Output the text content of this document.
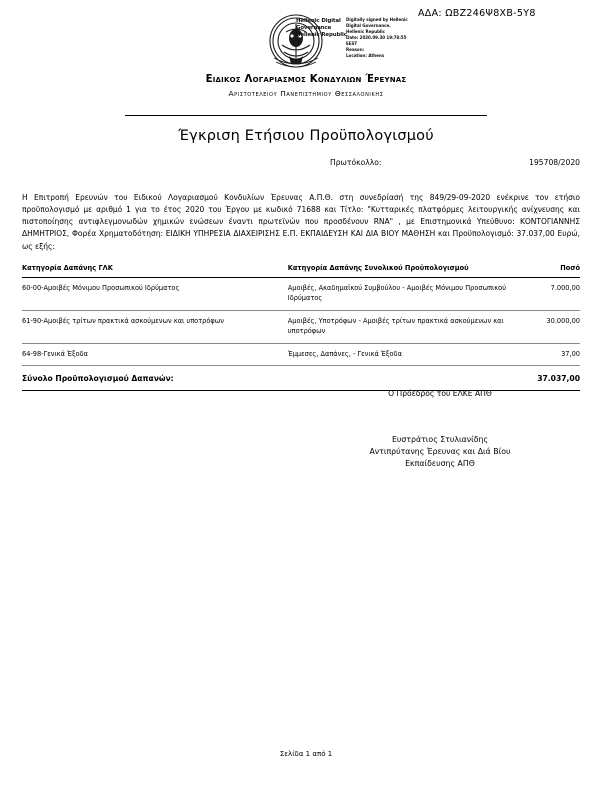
ΑΔΑ: ΩΒΖ246Ψ8ΧΒ-5Υ8
Hellenic Digital
Governance
Hellenic Republic
Digitally signed by Hellenic
Digital Governance,
Hellenic Republic
Date: 2020.09.30 19:78:55
EEST
Reason:
Location: Athens
Ειδικός Λογαριασμός Κονδυλίων Έρευνας
Αριστοτελείου Πανεπιστημίου Θεσσαλονίκης
Έγκριση Ετήσιου Προϋπολογισμού
Πρωτόκολλο:	195708/2020
Η Επιτροπή Ερευνών του Ειδικού Λογαριασμού Κονδυλίων Έρευνας Α.Π.Θ. στη συνεδρίασή της 849/29-09-2020 ενέκρινε τον ετήσιο προϋπολογισμό με αριθμό 1 για το έτος 2020 του Έργου με κωδικό 71688 και Τίτλο: "Κυτταρικές πλατφόρμες λειτουργικής ανίχνευσης και πιστοποίησης αντιφλεγμονωδών χημικών ενώσεων έναντι πρωτεϊνών που προσδένουν RNA" , με Επιστημονικά Υπεύθυνο: ΚΟΝΤΟΓΙΑΝΝΗΣ ΔΗΜΗΤΡΙΟΣ, Φορέα Χρηματοδότηση: ΕΙΔΙΚΗ ΥΠΗΡΕΣΙΑ ΔΙΑΧΕΙΡΙΣΗΣ Ε.Π. ΕΚΠΑΙΔΕΥΣΗ ΚΑΙ ΔΙΑ ΒΙΟΥ ΜΑΘΗΣΗ και Προϋπολογισμό: 37.037,00 Ευρώ, ως εξής:
Κατηγορία Δαπάνης ΓΛΚ	Κατηγορία Δαπάνης Συνολικού Προϋπολογισμού	Ποσό
60-00-Αμοιβές Μόνιμου Προσωπικού Ιδρύματος	Αμοιβές, Ακαδημαϊκού Συμβούλου - Αμοιβές Μόνιμου Προσωπικού Ιδρύματος	7.000,00
61-90-Αμοιβές τρίτων πρακτικά ασκούμενων και υποτρόφων	Αμοιβές, Υποτρόφων - Αμοιβές τρίτων πρακτικά ασκούμενων και υποτρόφων	30.000,00
64-98-Γενικά Έξοδα	Έμμεσες, Δαπάνες, - Γενικά Έξοδα	37,00
Σύνολο Προϋπολογισμού Δαπανών:		37.037,00
Ο Πρόεδρος του ΕΛΚΕ ΑΠΘ
Ευστράτιος Στυλιανίδης
Αντιπρύτανης Έρευνας και Διά Βίου
Εκπαίδευσης ΑΠΘ
Σελίδα 1 από 1
